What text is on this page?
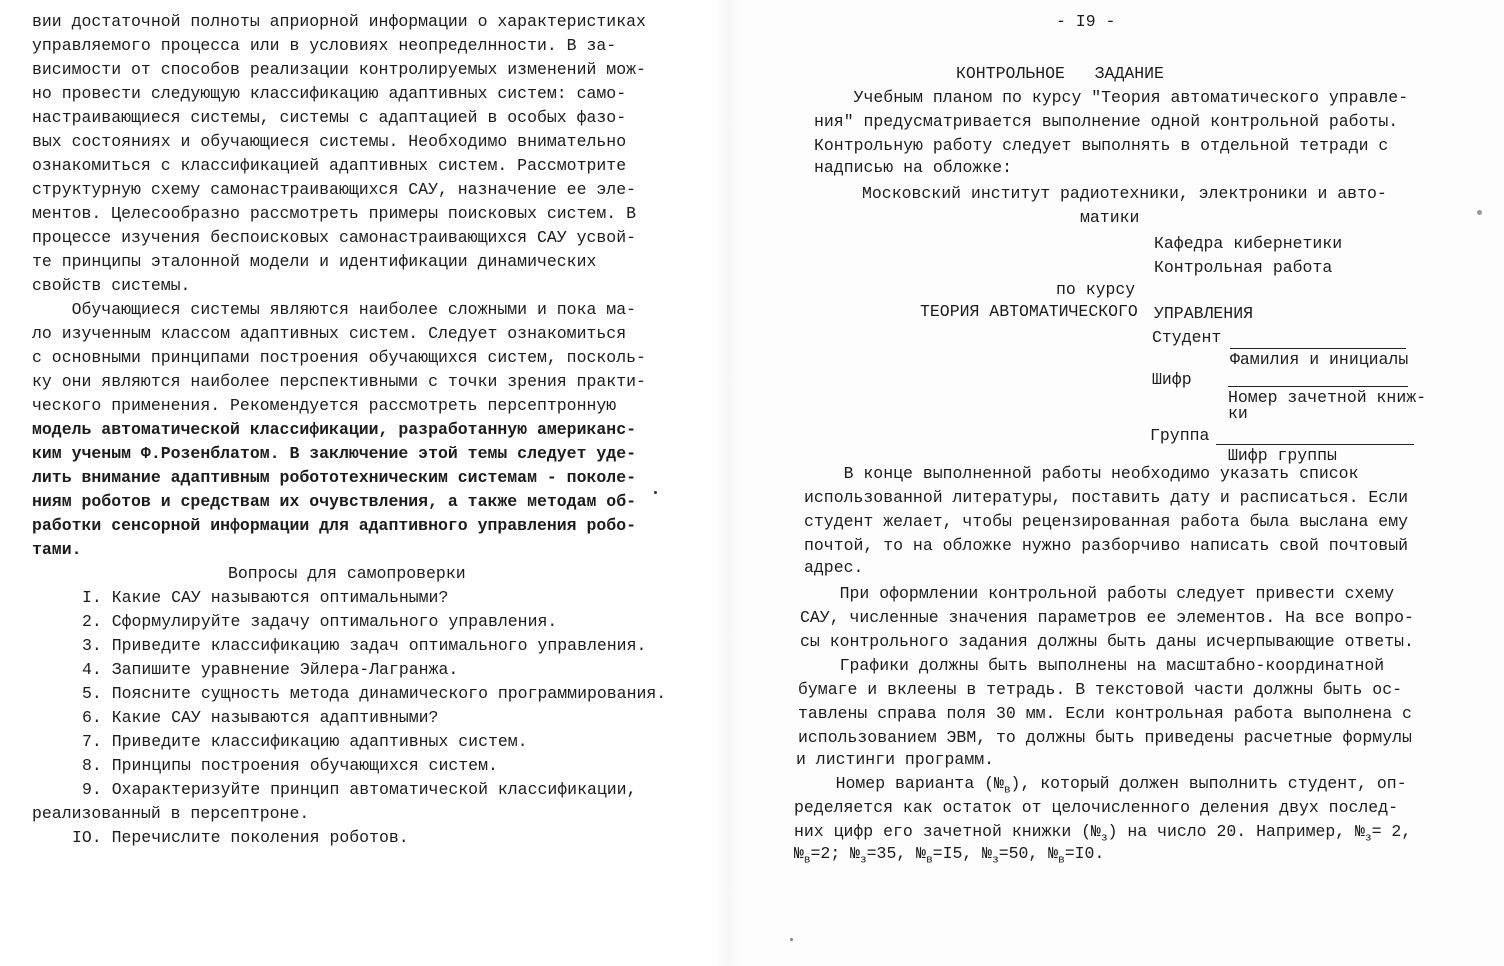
вии достаточной полноты априорной информации о характеристиках
управляемого процесса или в условиях неопределнности. В за-
висимости от способов реализации контролируемых изменений мож-
но провести следующую классификацию адаптивных систем: само-
настраивающиеся системы, системы с адаптацией в особых фазо-
вых состояниях и обучающиеся системы. Необходимо внимательно
ознакомиться с классификацией адаптивных систем. Рассмотрите
структурную схему самонастраивающихся САУ, назначение ее эле-
ментов. Целесообразно рассмотреть примеры поисковых систем. В
процессе изучения беспоисковых самонастраивающихся САУ усвой-
те принципы эталонной модели и идентификации динамических
свойств системы.
Обучающиеся системы являются наиболее сложными и пока ма-
ло изученным классом адаптивных систем. Следует ознакомиться
с основными принципами построения обучающихся систем, посколь-
ку они являются наиболее перспективными с точки зрения практи-
ческого применения. Рекомендуется рассмотреть персептронную
модель автоматической классификации, разработанную американс-
ким ученым Ф.Розенблатом. В заключение этой темы следует уде-
лить внимание адаптивным робототехническим системам - поколе-
ниям роботов и средствам их очувствления, а также методам об-
работки сенсорной информации для адаптивного управления робо-
тами.
Вопросы для самопроверки
I. Какие САУ называются оптимальными?
2. Сформулируйте задачу оптимального управления.
3. Приведите классификацию задач оптимального управления.
4. Запишите уравнение Эйлера-Лагранжа.
5. Поясните сущность метода динамического программирования.
6. Какие САУ называются адаптивными?
7. Приведите классификацию адаптивных систем.
8. Принципы построения обучающихся систем.
9. Охарактеризуйте принцип автоматической классификации,
реализованный в персептроне.
IO. Перечислите поколения роботов.
- I9 -
КОНТРОЛЬНОЕ   ЗАДАНИЕ
Учебным планом по курсу "Теория автоматического управле-
ния" предусматривается выполнение одной контрольной работы.
Контрольную работу следует выполнять в отдельной тетради с
надписью на обложке:
Московский институт радиотехники, электроники и авто-
матики
Кафедра кибернетики
Контрольная работа
по курсу
ТЕОРИЯ АВТОМАТИЧЕСКОГО УПРАВЛЕНИЯ
Студент
Фамилия и инициалы
Шифр
Номер зачетной книж-
ки
Группа
Шифр группы
В конце выполненной работы необходимо указать список
использованной литературы, поставить дату и расписаться. Если
студент желает, чтобы рецензированная работа была выслана ему
почтой, то на обложке нужно разборчиво написать свой почтовый
адрес.
При оформлении контрольной работы следует привести схему
САУ, численные значения параметров ее элементов. На все вопро-
сы контрольного задания должны быть даны исчерпывающие ответы.
Графики должны быть выполнены на масштабно-координатной
бумаге и вклеены в тетрадь. В текстовой части должны быть ос-
тавлены справа поля 30 мм. Если контрольная работа выполнена с
использованием ЭВМ, то должны быть приведены расчетные формулы
и листинги программ.
Номер варианта $(№_в)$, который должен выполнить студент, оп-
ределяется как остаток от целочисленного деления двух послед-
них цифр его зачетной книжки $(№_з)$ на число 20. Например, $№_з= 2$,
$№_в=2$; $№_з=35$, $№_в=I5$, $№_з=50$, $№_в=I0$.
